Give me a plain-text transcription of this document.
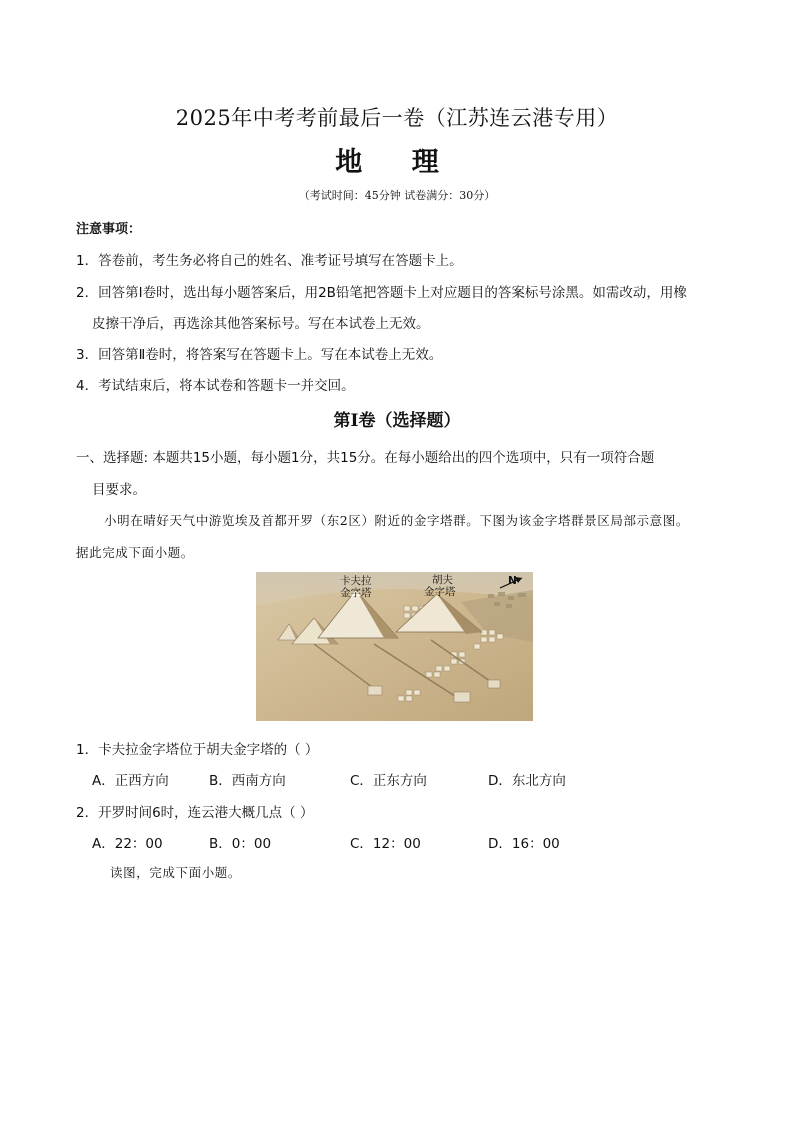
2025年中考考前最后一卷（江苏连云港专用）
地 理
（考试时间：45分钟 试卷满分：30分）
注意事项：
1．答卷前，考生务必将自己的姓名、准考证号填写在答题卡上。
2．回答第Ⅰ卷时，选出每小题答案后，用2B铅笔把答题卡上对应题目的答案标号涂黑。如需改动，用橡
皮擦干净后，再选涂其他答案标号。写在本试卷上无效。
3．回答第Ⅱ卷时，将答案写在答题卡上。写在本试卷上无效。
4．考试结束后，将本试卷和答题卡一并交回。
第Ⅰ卷（选择题）
一、选择题: 本题共15小题，每小题1分，共15分。在每小题给出的四个选项中，只有一项符合题
目要求。
小明在晴好天气中游览埃及首都开罗（东2区）附近的金字塔群。下图为该金字塔群景区局部示意图。
据此完成下面小题。
卡夫拉
金字塔
胡夫
金字塔
N
1．卡夫拉金字塔位于胡夫金字塔的（ ）
A．正西方向	B．西南方向	C．正东方向	D．东北方向
2．开罗时间6时，连云港大概几点（ ）
A．22：00	B．0：00	C．12：00	D．16：00
读图，完成下面小题。
